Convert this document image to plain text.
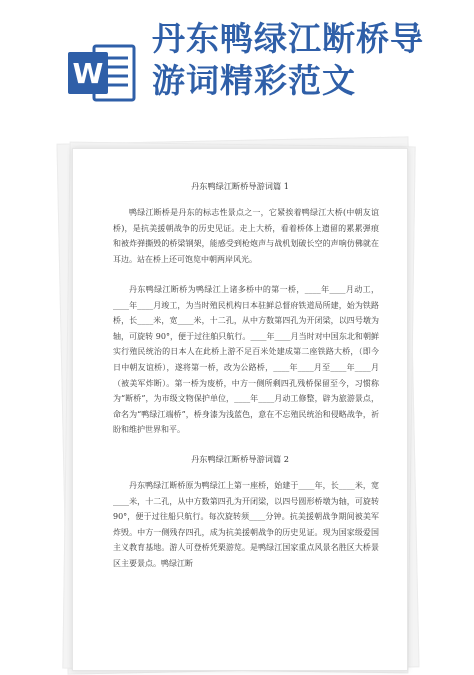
W
丹东鸭绿江断桥导
游词精彩范文
丹东鸭绿江断桥导游词篇 1

鸭绿江断桥是丹东的标志性景点之一，它紧挨着鸭绿江大桥(中朝友谊桥)，是抗美援朝战争的历史见证。走上大桥，看着桥体上遗留的累累弹痕和被炸弹撕毁的桥梁钢架，能感受到枪炮声与战机划破长空的声响仿佛就在耳边。站在桥上还可饱览中朝两岸风光。

丹东鸭绿江断桥为鸭绿江上诸多桥中的第一桥，____年____月动工，____年____月竣工，为当时殖民机构日本驻鲜总督府铁道局所建，始为铁路桥，长____米，宽____米，十二孔，从中方数第四孔为开闭梁，以四号墩为轴，可旋转 90°，便于过往舶只航行。____年____月当时对中国东北和朝鲜实行殖民统治的日本人在此桥上游不足百米处建成第二座铁路大桥，（即今日中朝友谊桥），遂将第一桥，改为公路桥，____年____月至____年____月（被美军炸断）。第一桥为废桥，中方一侧所剩四孔残桥保留至今，习惯称为“断桥”，为市级文物保护单位，____年____月动工修整，辟为旅游景点，命名为“鸭绿江端桥”，桥身漆为浅蓝色，意在不忘殖民统治和侵略战争，祈盼和维护世界和平。

丹东鸭绿江断桥导游词篇 2

丹东鸭绿江断桥原为鸭绿江上第一座桥，始建于____年，长____米，宽____米，十二孔，从中方数第四孔为开闭梁，以四号圆形桥墩为轴，可旋转 90°，便于过往船只航行。每次旋转须____分钟。抗美援朝战争期间被美军炸毁。中方一侧残存四孔，成为抗美援朝战争的历史见证。现为国家级爱国主义教育基地。游人可登桥凭栗游览。是鸭绿江国家重点风景名胜区大桥景区主要景点。鸭绿江断
